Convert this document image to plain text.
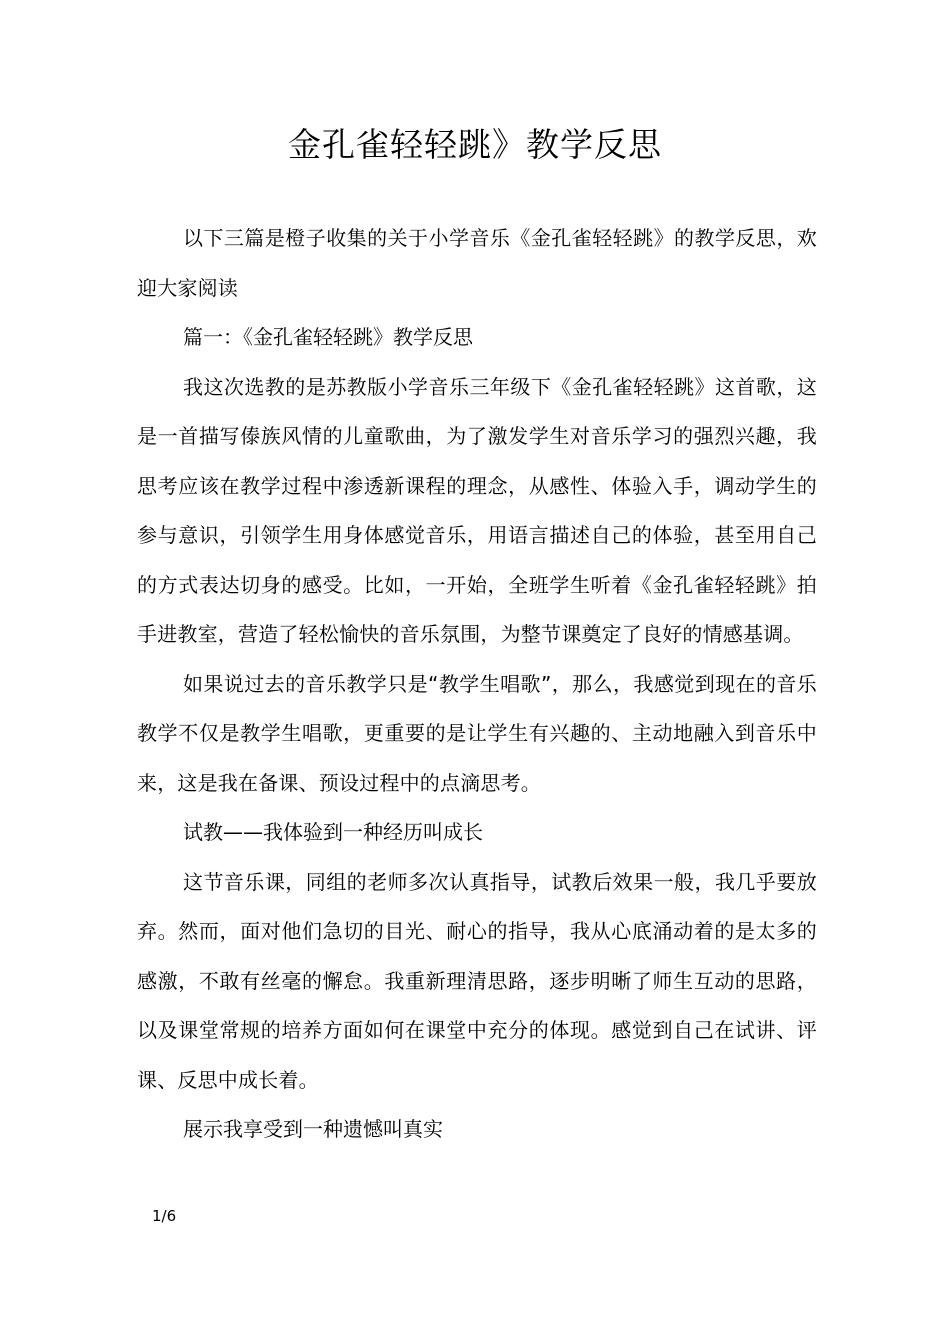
金孔雀轻轻跳》教学反思

以下三篇是橙子收集的关于小学音乐《金孔雀轻轻跳》的教学反思，欢迎大家阅读

篇一：《金孔雀轻轻跳》教学反思

我这次选教的是苏教版小学音乐三年级下《金孔雀轻轻跳》这首歌，这是一首描写傣族风情的儿童歌曲，为了激发学生对音乐学习的强烈兴趣，我思考应该在教学过程中渗透新课程的理念，从感性、体验入手，调动学生的参与意识，引领学生用身体感觉音乐，用语言描述自己的体验，甚至用自己的方式表达切身的感受。比如，一开始，全班学生听着《金孔雀轻轻跳》拍手进教室，营造了轻松愉快的音乐氛围，为整节课奠定了良好的情感基调。

如果说过去的音乐教学只是“教学生唱歌”，那么，我感觉到现在的音乐教学不仅是教学生唱歌，更重要的是让学生有兴趣的、主动地融入到音乐中来，这是我在备课、预设过程中的点滴思考。

试教——我体验到一种经历叫成长

这节音乐课，同组的老师多次认真指导，试教后效果一般，我几乎要放弃。然而，面对他们急切的目光、耐心的指导，我从心底涌动着的是太多的感激，不敢有丝毫的懈怠。我重新理清思路，逐步明晰了师生互动的思路，以及课堂常规的培养方面如何在课堂中充分的体现。感觉到自己在试讲、评课、反思中成长着。

展示我享受到一种遗憾叫真实

1/6
